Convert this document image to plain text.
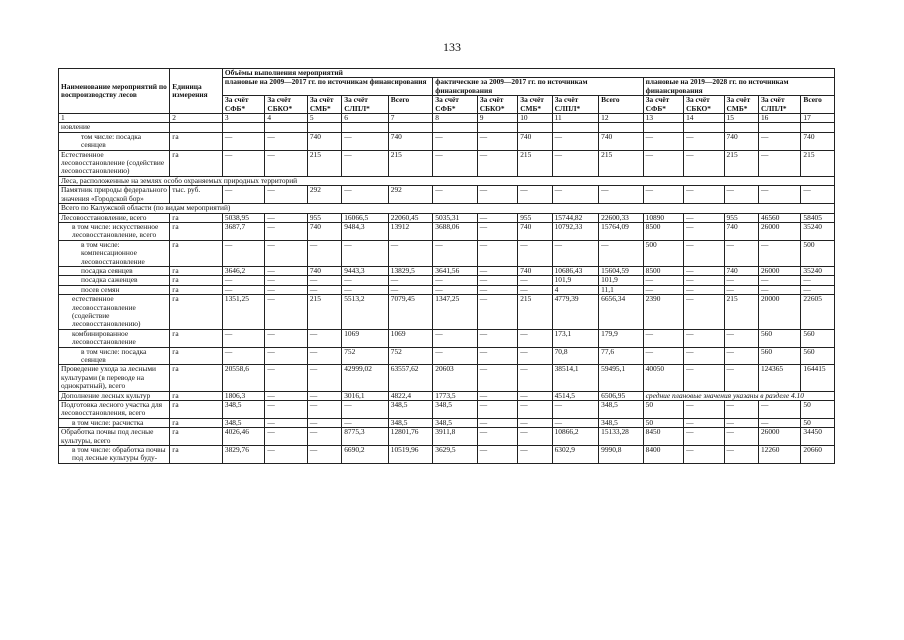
133
Наименование мероприятий по воспроизводству лесов	Единица измерения	Объёмы выполнения мероприятий														
		плановые на 2009—2017 гг. по источникам финансирования					фактические за 2009—2017 гг. по источникам финансирования					плановые на 2019—2028 гг. по источникам финансирования				
		За счёт СФБ*	За счёт СБКО*	За счёт СМБ*	За счёт СЛПЛ*	Всего	За счёт СФБ*	За счёт СБКО*	За счёт СМБ*	За счёт СЛПЛ*	Всего	За счёт СФБ*	За счёт СБКО*	За счёт СМБ*	За счёт СЛПЛ*	Всего
1	2	3	4	5	6	7	8	9	10	11	12	13	14	15	16	17
новление																
том числе: посадка сеянцев	га	—	—	740	—	740	—	—	740	—	740	—	—	740	—	740
Естественное лесовосстановление (содействие лесовосстановлению)	га	—	—	215	—	215	—	—	215	—	215	—	—	215	—	215
Леса, расположенные на землях особо охраняемых природных территорий																
Памятник природы федерального значения «Городской бор»	тыс. руб.	—	—	292	—	292	—	—	—	—	—	—	—	—	—	—
Всего по Калужской области (по видам мероприятий)																
Лесовосстановление, всего	га	5038,95	—	955	16066,5	22060,45	5035,31	—	955	15744,82	22600,33	10890	—	955	46560	58405
в том числе: искусственное лесовосстановление, всего	га	3687,7	—	740	9484,3	13912	3688,06	—	740	10792,33	15764,09	8500	—	740	26000	35240
в том числе: компенсационное лесовосстановление	га	—	—	—	—	—	—	—	—	—	—	500	—	—	—	500
посадка сеянцев	га	3646,2	—	740	9443,3	13829,5	3641,56	—	740	10686,43	15604,59	8500	—	740	26000	35240
посадка саженцев	га	—	—	—	—	—	—	—	—	101,9	101,9	—	—	—	—	—
посев семян	га	—	—	—	—	—	—	—	—	4	11,1	—	—	—	—	—
естественное лесовосстановление (содействие лесовосстановлению)	га	1351,25	—	215	5513,2	7079,45	1347,25	—	215	4779,39	6656,34	2390	—	215	20000	22605
комбинированное лесовосстановление	га	—	—	—	1069	1069	—	—	—	173,1	179,9	—	—	—	560	560
в том числе: посадка сеянцев	га	—	—	—	752	752	—	—	—	70,8	77,6	—	—	—	560	560
Проведение ухода за лесными культурами (в переводе на однократный), всего	га	20558,6	—	—	42999,02	63557,62	20603	—	—	38514,1	59495,1	40050	—	—	124365	164415
Дополнение лесных культур	га	1806,3	—	—	3016,1	4822,4	1773,5	—	—	4514,5	6506,95	средние плановые значения указаны в разделе 4.10				
Подготовка лесного участка для лесовосстановления, всего	га	348,5	—	—	—	348,5	348,5	—	—	—	348,5	50	—	—	—	50
в том числе: расчистка	га	348,5	—	—	—	348,5	348,5	—	—	—	348,5	50	—	—	—	50
Обработка почвы под лесные культуры, всего	га	4026,46	—	—	8775,3	12801,76	3911,8	—	—	10866,2	15133,28	8450	—	—	26000	34450
в том числе: обработка почвы под лесные культуры буду-	га	3829,76	—	—	6690,2	10519,96	3629,5	—	—	6302,9	9990,8	8400	—	—	12260	20660
